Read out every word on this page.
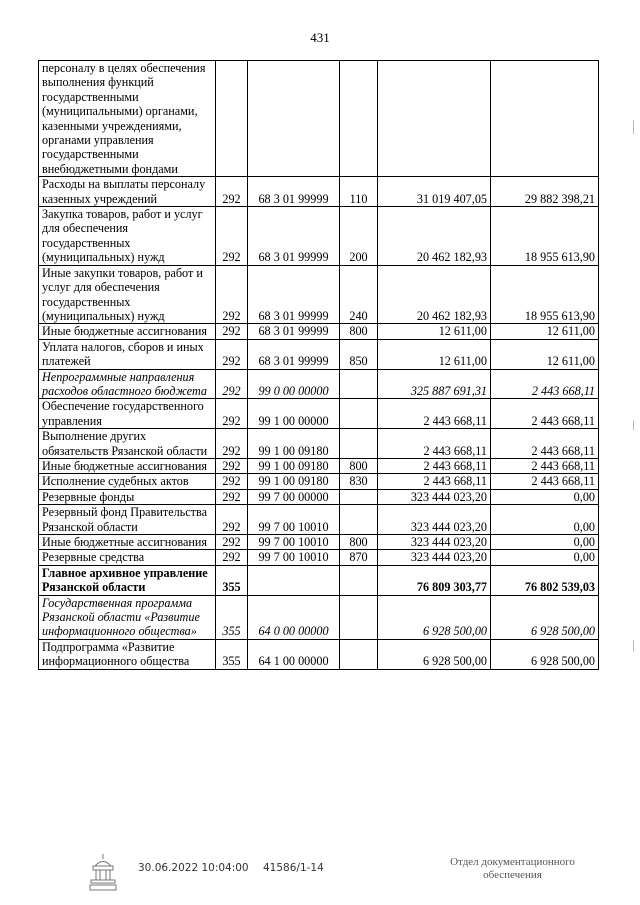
431
персоналу в целях обеспечения выполнения функций государственными (муниципальными) органами, казенными учреждениями, органами управления государственными внебюджетными фондами					
Расходы на выплаты персоналу казенных учреждений	292	68 3 01 99999	110	31 019 407,05	29 882 398,21
Закупка товаров, работ и услуг для обеспечения государственных (муниципальных) нужд	292	68 3 01 99999	200	20 462 182,93	18 955 613,90
Иные закупки товаров, работ и услуг для обеспечения государственных (муниципальных) нужд	292	68 3 01 99999	240	20 462 182,93	18 955 613,90
Иные бюджетные ассигнования	292	68 3 01 99999	800	12 611,00	12 611,00
Уплата налогов, сборов и иных платежей	292	68 3 01 99999	850	12 611,00	12 611,00
Непрограммные направления расходов областного бюджета	292	99 0 00 00000		325 887 691,31	2 443 668,11
Обеспечение государственного управления	292	99 1 00 00000		2 443 668,11	2 443 668,11
Выполнение других обязательств Рязанской области	292	99 1 00 09180		2 443 668,11	2 443 668,11
Иные бюджетные ассигнования	292	99 1 00 09180	800	2 443 668,11	2 443 668,11
Исполнение судебных актов	292	99 1 00 09180	830	2 443 668,11	2 443 668,11
Резервные фонды	292	99 7 00 00000		323 444 023,20	0,00
Резервный фонд Правительства Рязанской области	292	99 7 00 10010		323 444 023,20	0,00
Иные бюджетные ассигнования	292	99 7 00 10010	800	323 444 023,20	0,00
Резервные средства	292	99 7 00 10010	870	323 444 023,20	0,00
Главное архивное управление Рязанской области	355			76 809 303,77	76 802 539,03
Государственная программа Рязанской области «Развитие информационного общества»	355	64 0 00 00000		6 928 500,00	6 928 500,00
Подпрограмма «Развитие информационного общества	355	64 1 00 00000		6 928 500,00	6 928 500,00
30.06.2022 10:04:00 41586/1-14	Отдел документационного
обеспечения
